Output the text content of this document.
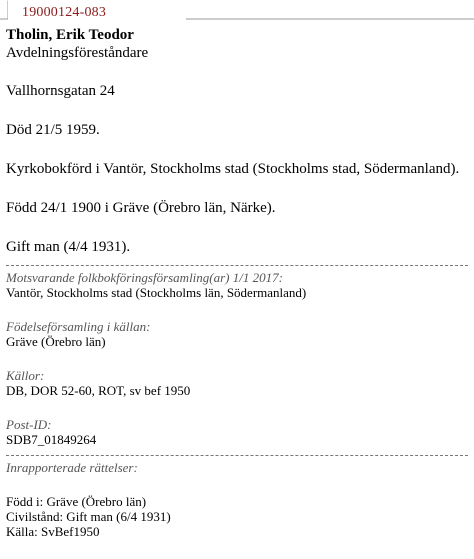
19000124-083
Tholin, Erik Teodor
Avdelningsföreståndare
Vallhornsgatan 24
Död 21/5 1959.
Kyrkobokförd i Vantör, Stockholms stad (Stockholms stad, Södermanland).
Född 24/1 1900 i Gräve (Örebro län, Närke).
Gift man (4/4 1931).
Motsvarande folkbokföringsförsamling(ar) 1/1 2017:
Vantör, Stockholms stad (Stockholms län, Södermanland)
Födelseförsamling i källan:
Gräve (Örebro län)
Källor:
DB, DOR 52-60, ROT, sv bef 1950
Post-ID:
SDB7_01849264
Inrapporterade rättelser:
Född i: Gräve (Örebro län)
Civilstånd: Gift man (6/4 1931)
Källa: SvBef1950
